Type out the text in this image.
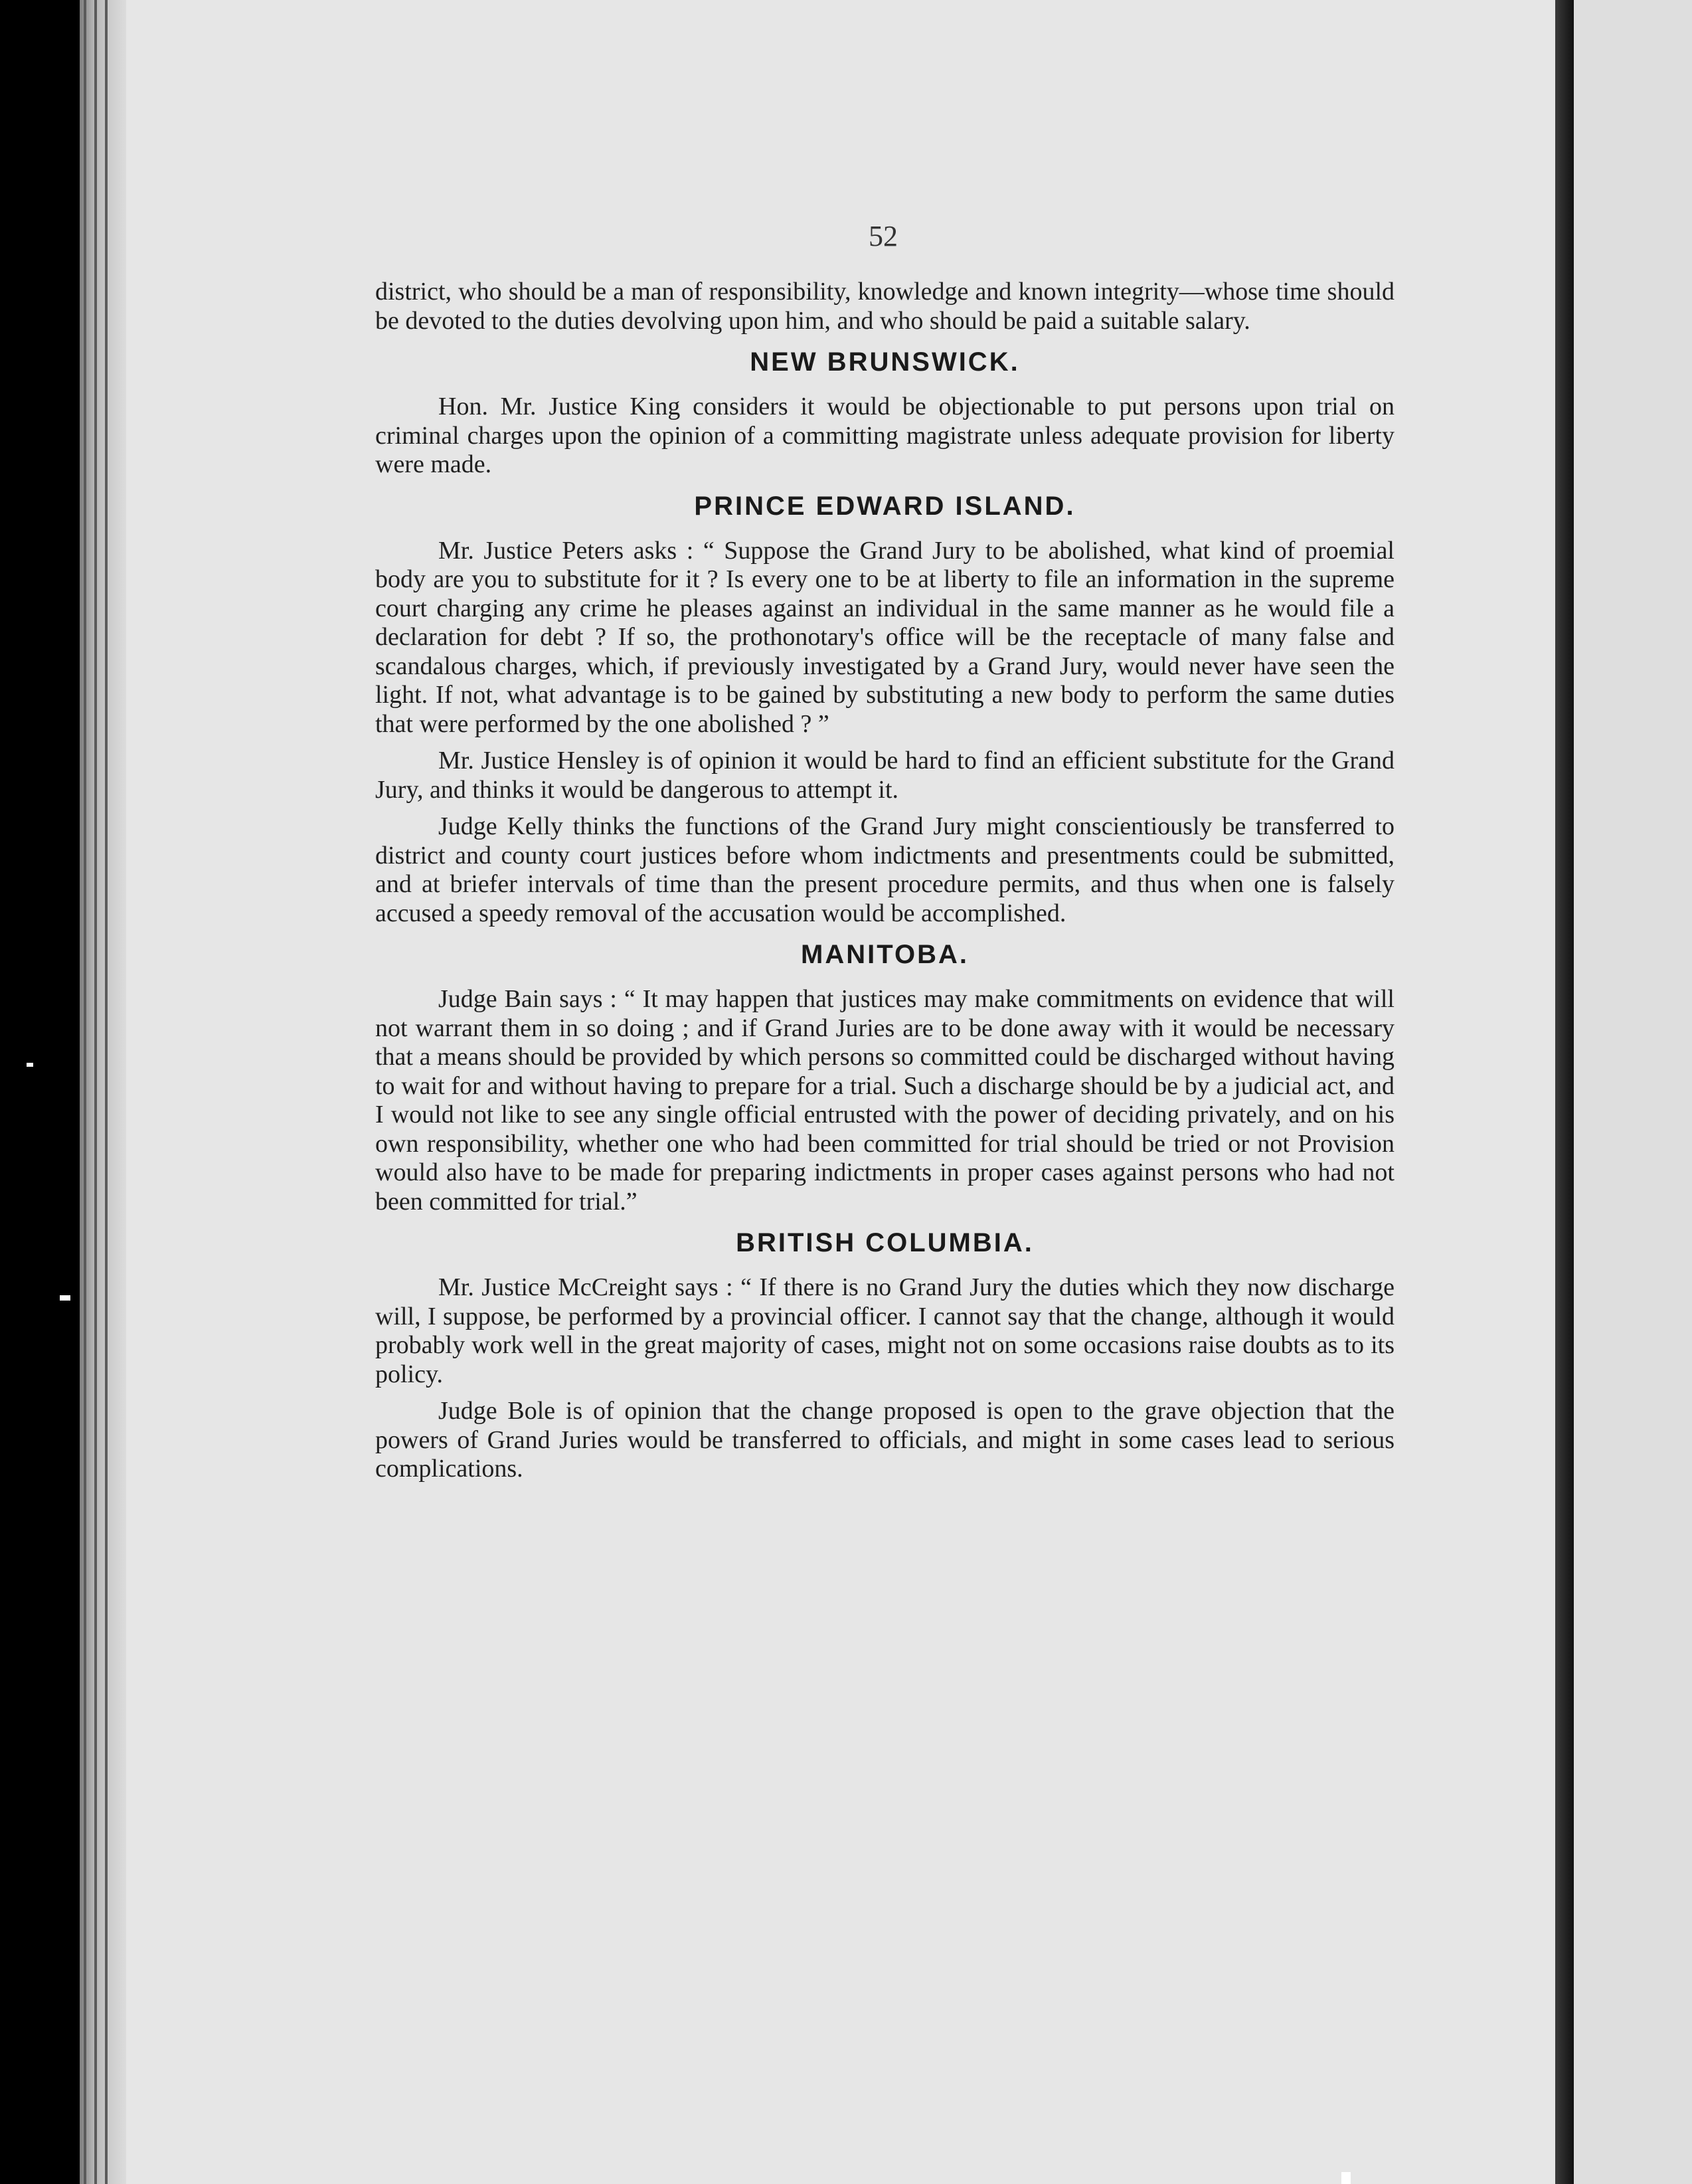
52

district, who should be a man of responsibility, knowledge and known integrity—whose time should be devoted to the duties devolving upon him, and who should be paid a suitable salary.

NEW BRUNSWICK.

Hon. Mr. Justice King considers it would be objectionable to put persons upon trial on criminal charges upon the opinion of a committing magistrate unless adequate provision for liberty were made.

PRINCE EDWARD ISLAND.

Mr. Justice Peters asks : “ Suppose the Grand Jury to be abolished, what kind of proemial body are you to substitute for it ? Is every one to be at liberty to file an information in the supreme court charging any crime he pleases against an individual in the same manner as he would file a declaration for debt ? If so, the prothonotary's office will be the receptacle of many false and scandalous charges, which, if previously investigated by a Grand Jury, would never have seen the light. If not, what advantage is to be gained by substituting a new body to perform the same duties that were performed by the one abolished ? ”

Mr. Justice Hensley is of opinion it would be hard to find an efficient substitute for the Grand Jury, and thinks it would be dangerous to attempt it.

Judge Kelly thinks the functions of the Grand Jury might conscientiously be transferred to district and county court justices before whom indictments and presentments could be submitted, and at briefer intervals of time than the present procedure permits, and thus when one is falsely accused a speedy removal of the accusation would be accomplished.

MANITOBA.

Judge Bain says : “ It may happen that justices may make commitments on evidence that will not warrant them in so doing ; and if Grand Juries are to be done away with it would be necessary that a means should be provided by which persons so committed could be discharged without having to wait for and without having to prepare for a trial. Such a discharge should be by a judicial act, and I would not like to see any single official entrusted with the power of deciding privately, and on his own responsibility, whether one who had been committed for trial should be tried or not Provision would also have to be made for preparing indictments in proper cases against persons who had not been committed for trial.”

BRITISH COLUMBIA.

Mr. Justice McCreight says : “ If there is no Grand Jury the duties which they now discharge will, I suppose, be performed by a provincial officer. I cannot say that the change, although it would probably work well in the great majority of cases, might not on some occasions raise doubts as to its policy.

Judge Bole is of opinion that the change proposed is open to the grave objection that the powers of Grand Juries would be transferred to officials, and might in some cases lead to serious complications.
